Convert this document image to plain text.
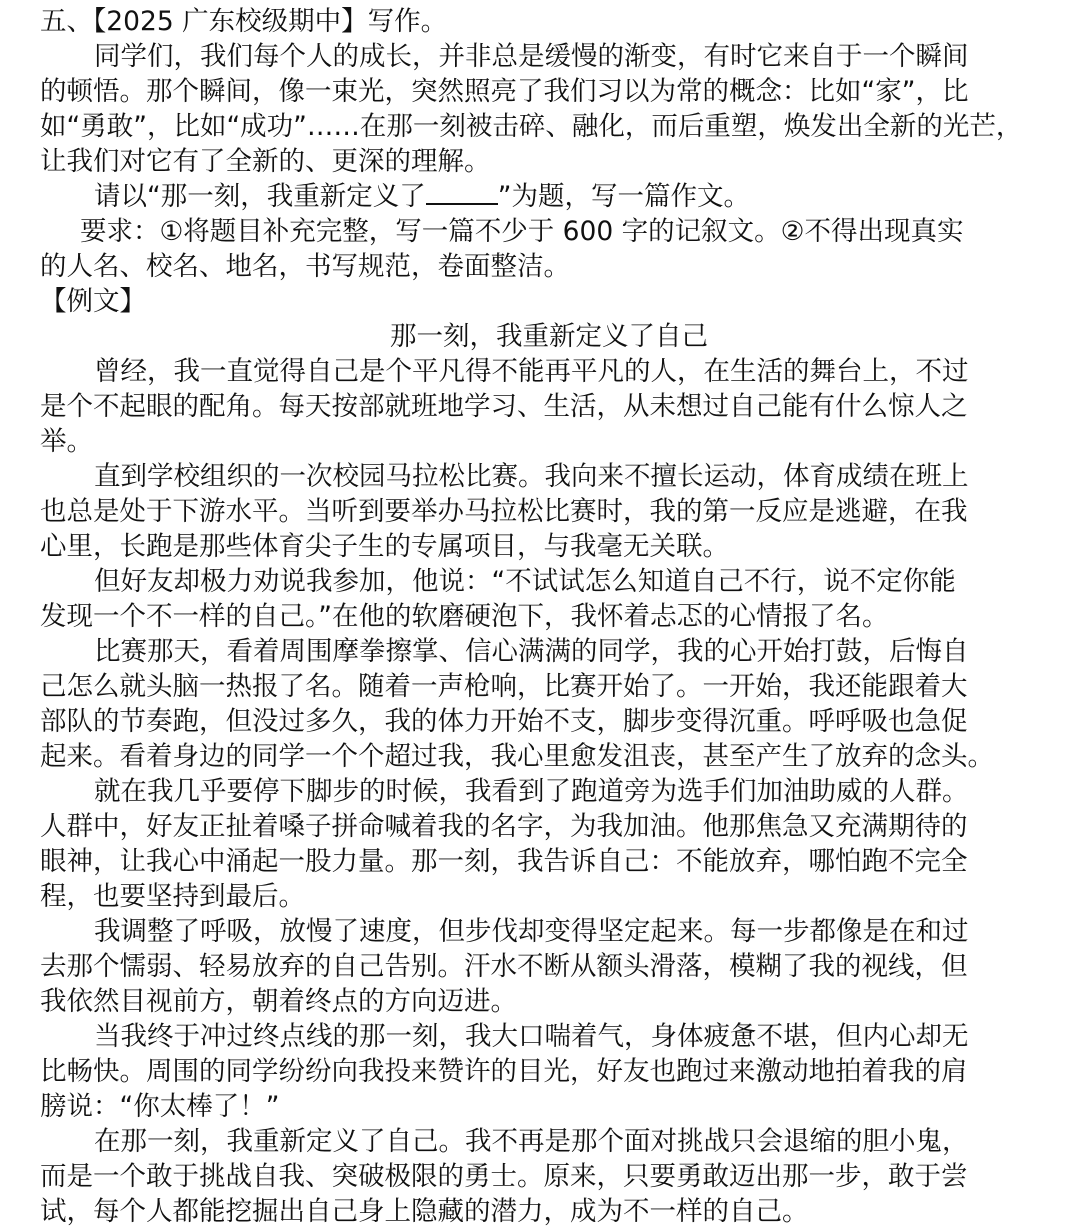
五、【2025 广东校级期中】写作。
同学们，我们每个人的成长，并非总是缓慢的渐变，有时它来自于一个瞬间
的顿悟。那个瞬间，像一束光，突然照亮了我们习以为常的概念：比如“家”，比
如“勇敢”，比如“成功”……在那一刻被击碎、融化，而后重塑，焕发出全新的光芒，
让我们对它有了全新的、更深的理解。
请以“那一刻，我重新定义了	”为题，写一篇作文。
要求：①将题目补充完整，写一篇不少于 600 字的记叙文。②不得出现真实
的人名、校名、地名，书写规范，卷面整洁。
【例文】
那一刻，我重新定义了自己
曾经，我一直觉得自己是个平凡得不能再平凡的人，在生活的舞台上，不过
是个不起眼的配角。每天按部就班地学习、生活，从未想过自己能有什么惊人之
举。
直到学校组织的一次校园马拉松比赛。我向来不擅长运动，体育成绩在班上
也总是处于下游水平。当听到要举办马拉松比赛时，我的第一反应是逃避，在我
心里，长跑是那些体育尖子生的专属项目，与我毫无关联。
但好友却极力劝说我参加，他说：“不试试怎么知道自己不行，说不定你能
发现一个不一样的自己。”在他的软磨硬泡下，我怀着忐忑的心情报了名。
比赛那天，看着周围摩拳擦掌、信心满满的同学，我的心开始打鼓，后悔自
己怎么就头脑一热报了名。随着一声枪响，比赛开始了。一开始，我还能跟着大
部队的节奏跑，但没过多久，我的体力开始不支，脚步变得沉重。呼呼吸也急促
起来。看着身边的同学一个个超过我，我心里愈发沮丧，甚至产生了放弃的念头。
就在我几乎要停下脚步的时候，我看到了跑道旁为选手们加油助威的人群。
人群中，好友正扯着嗓子拼命喊着我的名字，为我加油。他那焦急又充满期待的
眼神，让我心中涌起一股力量。那一刻，我告诉自己：不能放弃，哪怕跑不完全
程，也要坚持到最后。
我调整了呼吸，放慢了速度，但步伐却变得坚定起来。每一步都像是在和过
去那个懦弱、轻易放弃的自己告别。汗水不断从额头滑落，模糊了我的视线，但
我依然目视前方，朝着终点的方向迈进。
当我终于冲过终点线的那一刻，我大口喘着气，身体疲惫不堪，但内心却无
比畅快。周围的同学纷纷向我投来赞许的目光，好友也跑过来激动地拍着我的肩
膀说：“你太棒了！”
在那一刻，我重新定义了自己。我不再是那个面对挑战只会退缩的胆小鬼，
而是一个敢于挑战自我、突破极限的勇士。原来，只要勇敢迈出那一步，敢于尝
试，每个人都能挖掘出自己身上隐藏的潜力，成为不一样的自己。
